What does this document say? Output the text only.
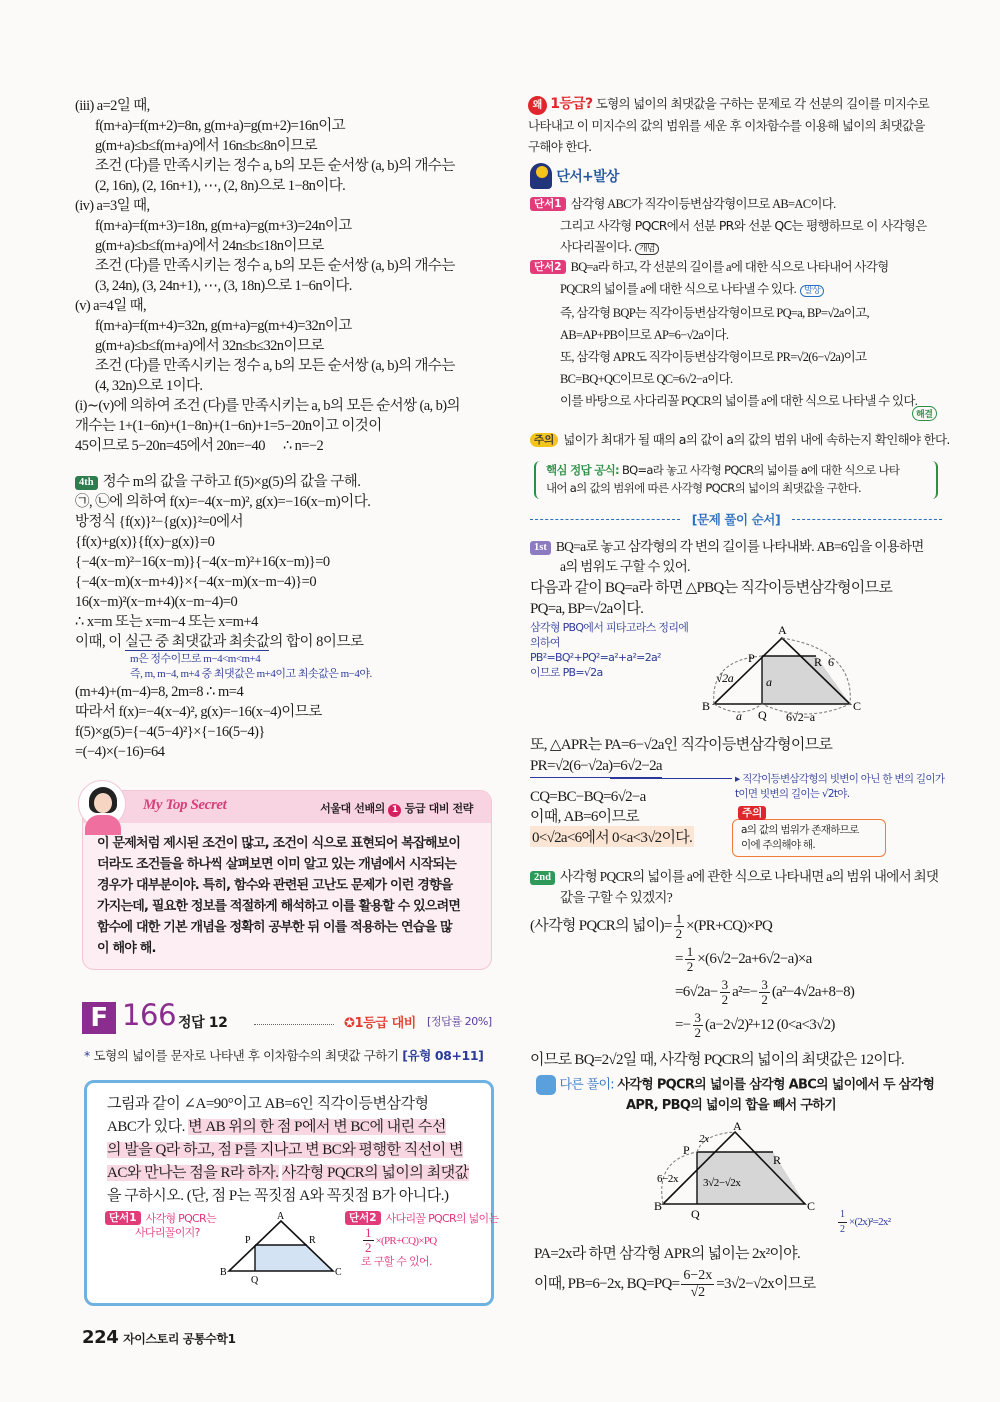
(iii) a=2일 때,
f(m+a)=f(m+2)=8n, g(m+a)=g(m+2)=16n이고
g(m+a)≤b≤f(m+a)에서 16n≤b≤8n이므로
조건 (다)를 만족시키는 정수 a, b의 모든 순서쌍 (a, b)의 개수는
(2, 16n), (2, 16n+1), ⋯, (2, 8n)으로 1−8n이다.
(iv) a=3일 때,
f(m+a)=f(m+3)=18n, g(m+a)=g(m+3)=24n이고
g(m+a)≤b≤f(m+a)에서 24n≤b≤18n이므로
조건 (다)를 만족시키는 정수 a, b의 모든 순서쌍 (a, b)의 개수는
(3, 24n), (3, 24n+1), ⋯, (3, 18n)으로 1−6n이다.
(v) a=4일 때,
f(m+a)=f(m+4)=32n, g(m+a)=g(m+4)=32n이고
g(m+a)≤b≤f(m+a)에서 32n≤b≤32n이므로
조건 (다)를 만족시키는 정수 a, b의 모든 순서쌍 (a, b)의 개수는
(4, 32n)으로 1이다.
(i)∼(v)에 의하여 조건 (다)를 만족시키는 a, b의 모든 순서쌍 (a, b)의
개수는 1+(1−6n)+(1−8n)+(1−6n)+1=5−20n이고 이것이
45이므로 5−20n=45에서 20n=−40      ∴ n=−2
4th 정수 m의 값을 구하고 f(5)×g(5)의 값을 구해.
㉠, ㉡에 의하여 f(x)=−4(x−m)², g(x)=−16(x−m)이다.
방정식 {f(x)}²−{g(x)}²=0에서
{f(x)+g(x)}{f(x)−g(x)}=0
{−4(x−m)²−16(x−m)}{−4(x−m)²+16(x−m)}=0
{−4(x−m)(x−m+4)}×{−4(x−m)(x−m−4)}=0
16(x−m)²(x−m+4)(x−m−4)=0
∴ x=m 또는 x=m−4 또는 x=m+4
이때, 이 실근 중 최댓값과 최솟값의 합이 8이므로
m은 정수이므로 m−4<m<m+4
즉, m, m−4, m+4 중 최댓값은 m+4이고 최솟값은 m−4야.
(m+4)+(m−4)=8, 2m=8 ∴ m=4
따라서 f(x)=−4(x−4)², g(x)=−16(x−4)이므로
f(5)×g(5)={−4(5−4)²}×{−16(5−4)}
=(−4)×(−16)=64
My Top Secret	서울대 선배의 1 등급 대비 전략
이 문제처럼 제시된 조건이 많고, 조건이 식으로 표현되어 복잡해보이
더라도 조건들을 하나씩 살펴보면 이미 알고 있는 개념에서 시작되는
경우가 대부분이야. 특히, 함수와 관련된 고난도 문제가 이런 경향을
가지는데, 필요한 정보를 적절하게 해석하고 이를 활용할 수 있으려면
함수에 대한 기본 개념을 정확히 공부한 뒤 이를 적용하는 연습을 많
이 해야 해.
F 166 정답 12	✪1등급 대비 [정답률 20%]
* 도형의 넓이를 문자로 나타낸 후 이차함수의 최댓값 구하기 [유형 08+11]
그림과 같이 ∠A=90°이고 AB=6인 직각이등변삼각형
ABC가 있다. 변 AB 위의 한 점 P에서 변 BC에 내린 수선
의 발을 Q라 하고, 점 P를 지나고 변 BC와 평행한 직선이 변
AC와 만나는 점을 R라 하자. 사각형 PQCR의 넓이의 최댓값
을 구하시오. (단, 점 P는 꼭짓점 A와 꼭짓점 B가 아니다.)
단서1 사각형 PQCR는
사다리꼴이지?
단서2 사다리꼴 PQCR의 넓이는

$\frac{1}{2} \times(PR+CQ)\times PQ$
로 구할 수 있어.
A
B	C
P
Q
R
224 자이스토리 공통수학1
왜 1등급? 도형의 넓이의 최댓값을 구하는 문제로 각 선분의 길이를 미지수로
나타내고 이 미지수의 값의 범위를 세운 후 이차함수를 이용해 넓이의 최댓값을
구해야 한다.
단서+발상
단서1 삼각형 ABC가 직각이등변삼각형이므로 AB=AC이다.
그리고 사각형 PQCR에서 선분 PR와 선분 QC는 평행하므로 이 사각형은
사다리꼴이다. 개념
단서2 BQ=a라 하고, 각 선분의 길이를 a에 대한 식으로 나타내어 사각형
PQCR의 넓이를 a에 대한 식으로 나타낼 수 있다. 발상
즉, 삼각형 BQP는 직각이등변삼각형이므로 PQ=a, BP=√2a이고,
AB=AP+PB이므로 AP=6−√2a이다.
또, 삼각형 APR도 직각이등변삼각형이므로 PR=√2(6−√2a)이고
BC=BQ+QC이므로 QC=6√2−a이다.
이를 바탕으로 사다리꼴 PQCR의 넓이를 a에 대한 식으로 나타낼 수 있다.

해결
주의 넓이가 최대가 될 때의 a의 값이 a의 값의 범위 내에 속하는지 확인해야 한다.
핵심 정답 공식: BQ=a라 놓고 사각형 PQCR의 넓이를 a에 대한 식으로 나타
내어 a의 값의 범위에 따른 사각형 PQCR의 넓이의 최댓값을 구한다.
[문제 풀이 순서]
1st BQ=a로 놓고 삼각형의 각 변의 길이를 나타내봐. AB=6임을 이용하면
a의 범위도 구할 수 있어.
다음과 같이 BQ=a라 하면 △PBQ는 직각이등변삼각형이므로
PQ=a, BP=√2a이다.
삼각형 PBQ에서 피타고라스 정리에
의하여
PB²=BQ²+PQ²=a²+a²=2a²
이므로 PB=√2a
A
B	C
P
Q
R 6
√2a	a
a	6√2−a
또, △APR는 PA=6−√2a인 직각이등변삼각형이므로
PR=√2(6−√2a)=6√2−2a
▸ 직각이등변삼각형의 빗변이 아닌 한 변의 길이가
t이면 빗변의 길이는 √2t야.
CQ=BC−BQ=6√2−a
이때, AB=6이므로
0<√2a<6에서 0<a<3√2이다.	a의 값의 범위가 존재하므로
이에 주의해야 해.
주의
2nd 사각형 PQCR의 넓이를 a에 관한 식으로 나타내면 a의 범위 내에서 최댓
값을 구할 수 있겠지?
(사각형 PQCR의 넓이)= $\frac{1}{2} \times(PR+CQ)\times PQ$
= $\frac{1}{2} \times(6√2-2a+6√2-a)\times a$
$=6√2a- \frac{3}{2} a^2=- \frac{3}{2} (a^2-4√2a+8-8)$
=− $\frac{3}{2} (a-2√2)^2+12$ (0<a<3√2)
이므로 BQ=2√2일 때, 사각형 PQCR의 넓이의 최댓값은 12이다.
다른 풀이: 사각형 PQCR의 넓이를 삼각형 ABC의 넓이에서 두 삼각형
APR, PBQ의 넓이의 합을 빼서 구하기
A
B	C
P
Q
R
2x
6−2x 3√2−√2x
$\frac{1}{2} \times(2x)^2=2x^2$
PA=2x라 하면 삼각형 APR의 넓이는 2x²이야.
이때, PB=6−2x, $BQ=PQ= \frac{6-2x}{√2} =3√2-√2x$이므로
